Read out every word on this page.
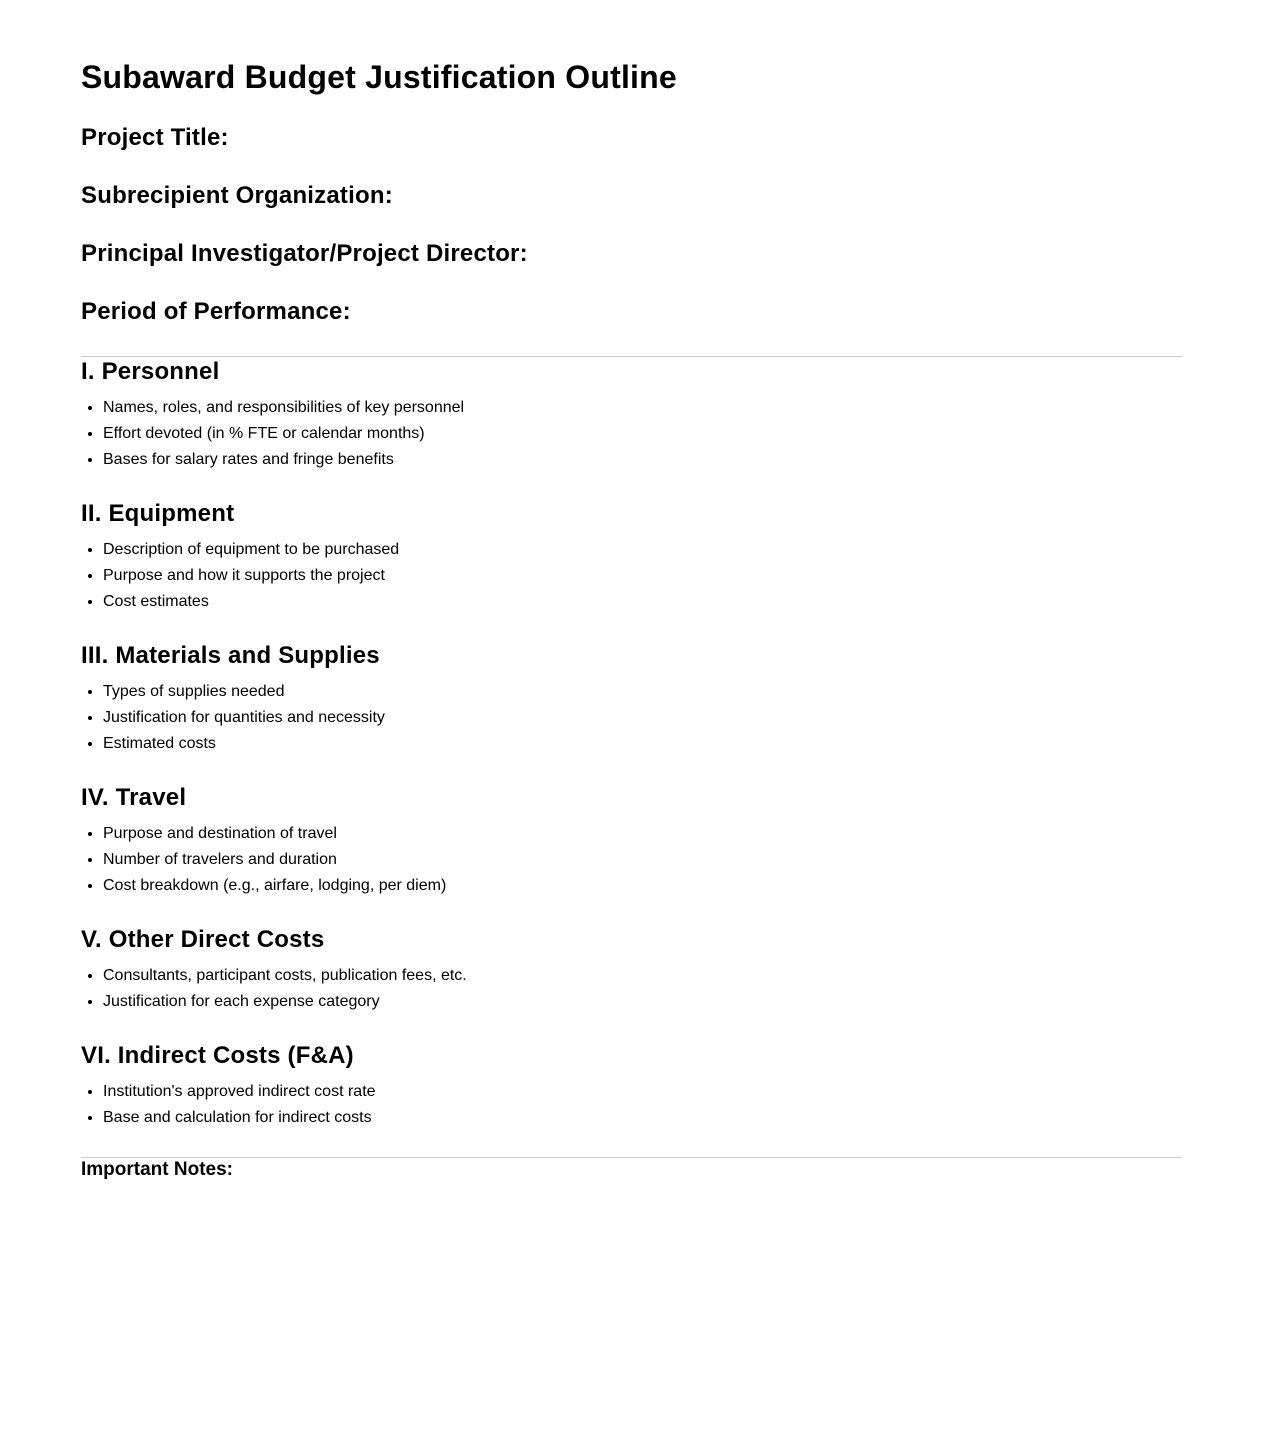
Subaward Budget Justification Outline
Project Title:
Subrecipient Organization:
Principal Investigator/Project Director:
Period of Performance:
I. Personnel
• Names, roles, and responsibilities of key personnel
• Effort devoted (in % FTE or calendar months)
• Bases for salary rates and fringe benefits
II. Equipment
• Description of equipment to be purchased
• Purpose and how it supports the project
• Cost estimates
III. Materials and Supplies
• Types of supplies needed
• Justification for quantities and necessity
• Estimated costs
IV. Travel
• Purpose and destination of travel
• Number of travelers and duration
• Cost breakdown (e.g., airfare, lodging, per diem)
V. Other Direct Costs
• Consultants, participant costs, publication fees, etc.
• Justification for each expense category
VI. Indirect Costs (F&A)
• Institution's approved indirect cost rate
• Base and calculation for indirect costs

Important Notes:
